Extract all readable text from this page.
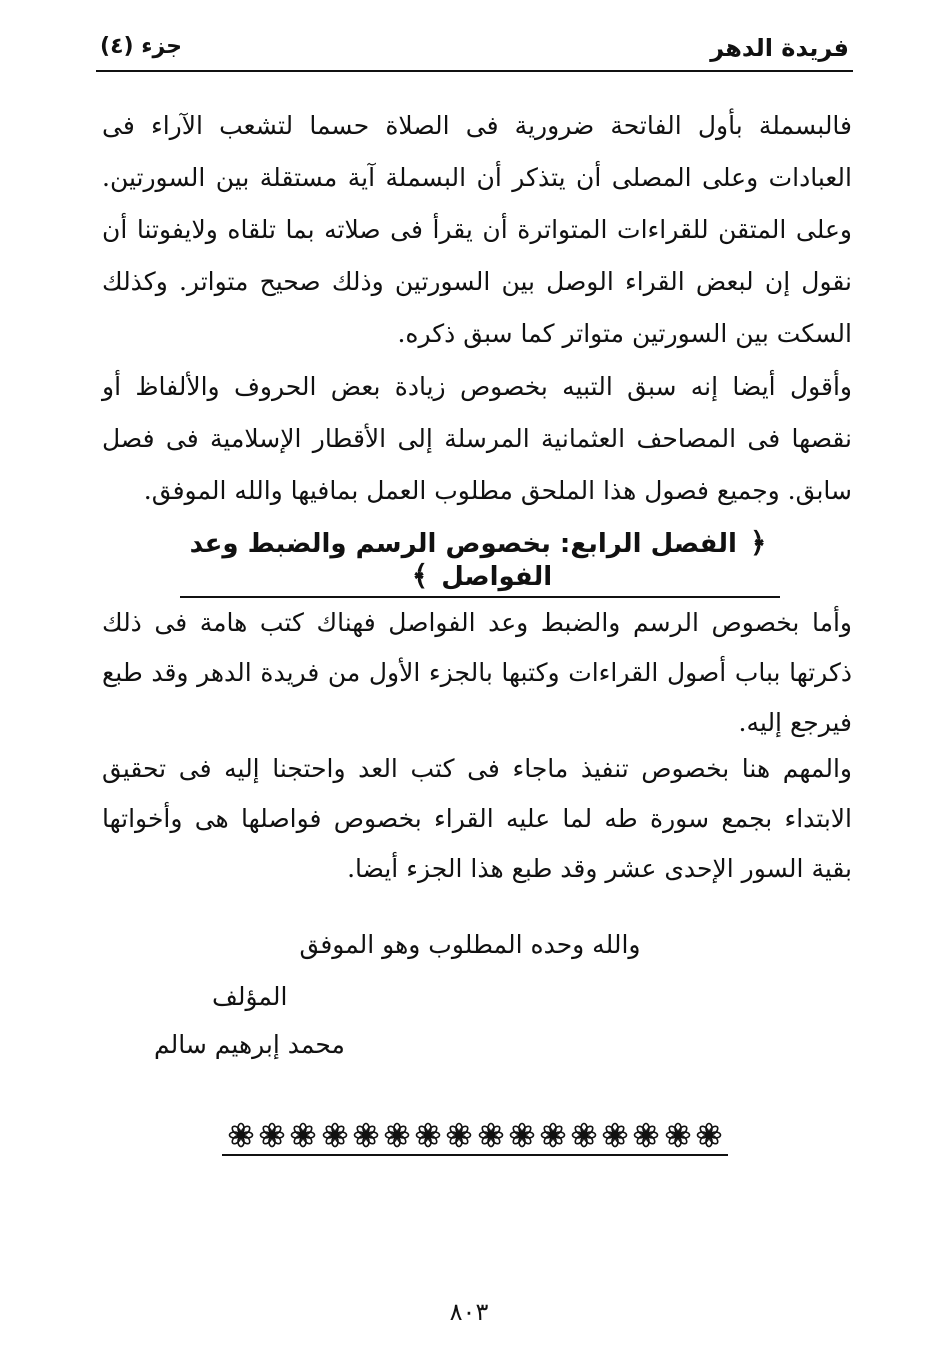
فريدة الدهر
جزء (٤)
فالبسملة بأول الفاتحة ضرورية فى الصلاة حسما لتشعب الآراء فى العبادات وعلى المصلى أن يتذكر أن البسملة آية مستقلة بين السورتين. وعلى المتقن للقراءات المتواترة أن يقرأ فى صلاته بما تلقاه ولايفوتنا أن نقول إن لبعض القراء الوصل بين السورتين وذلك صحيح متواتر. وكذلك السكت بين السورتين متواتر كما سبق ذكره.
وأقول أيضا إنه سبق التبيه بخصوص زيادة بعض الحروف والألفاظ أو نقصها فى المصاحف العثمانية المرسلة إلى الأقطار الإسلامية فى فصل سابق. وجميع فصول هذا الملحق مطلوب العمل بمافيها والله الموفق.
﴿ الفصل الرابع: بخصوص الرسم والضبط وعد الفواصل ﴾
وأما بخصوص الرسم والضبط وعد الفواصل فهناك كتب هامة فى ذلك ذكرتها بباب أصول القراءات وكتبها بالجزء الأول من فريدة الدهر وقد طبع فيرجع إليه.
والمهم هنا بخصوص تنفيذ ماجاء فى كتب العد واحتجنا إليه فى تحقيق الابتداء بجمع سورة طه لما عليه القراء بخصوص فواصلها هى وأخواتها بقية السور الإحدى عشر وقد طبع هذا الجزء أيضا.
والله وحده المطلوب وهو الموفق
المؤلف
محمد إبرهيم سالم
٨٠٣
